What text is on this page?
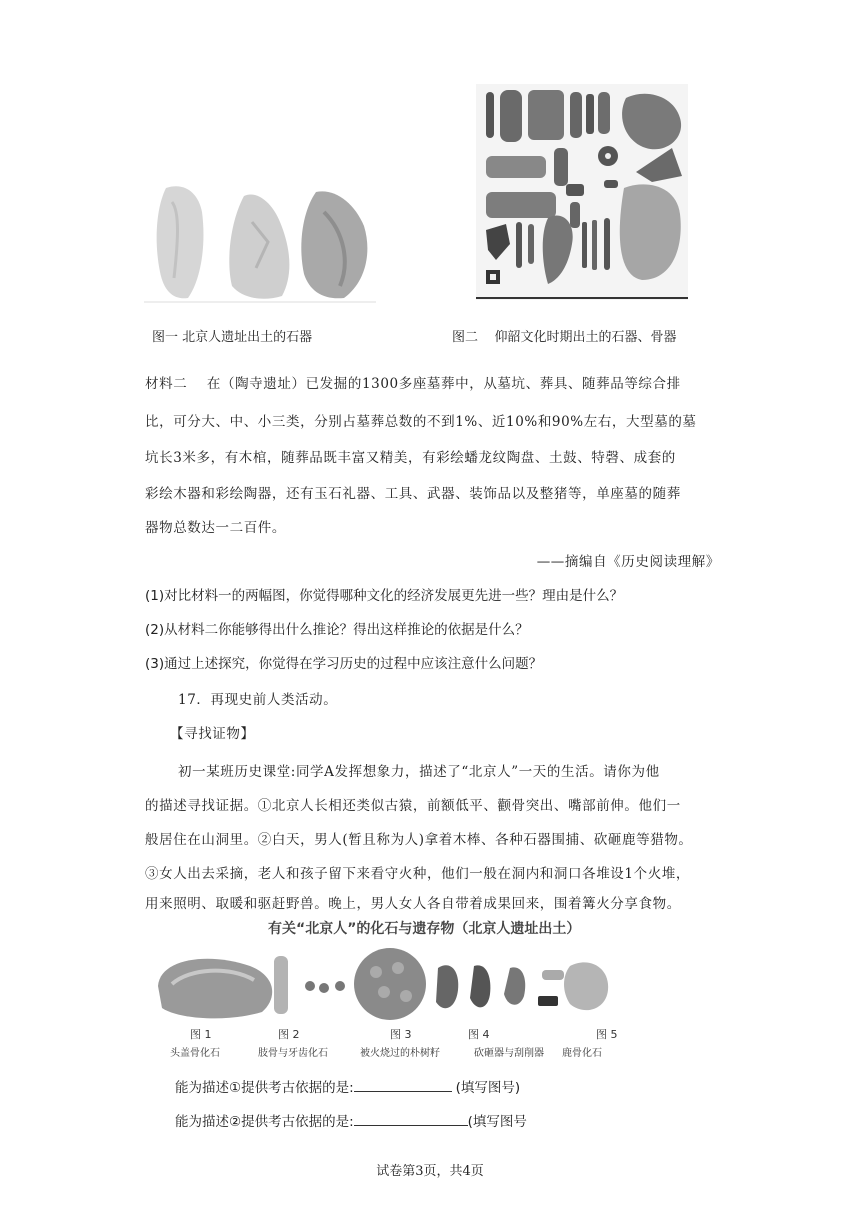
图一 北京人遗址出土的石器	图二    仰韶文化时期出土的石器、骨器
材料二    在（陶寺遗址）已发掘的1300多座墓葬中，从墓坑、葬具、随葬品等综合排
比，可分大、中、小三类，分别占墓葬总数的不到1%、近10%和90%左右，大型墓的墓
坑长3米多，有木棺，随葬品既丰富又精美，有彩绘蟠龙纹陶盘、土鼓、特磬、成套的
彩绘木器和彩绘陶器，还有玉石礼器、工具、武器、装饰品以及整猪等，单座墓的随葬
器物总数达一二百件。
——摘编自《历史阅读理解》
(1)对比材料一的两幅图，你觉得哪种文化的经济发展更先进一些？理由是什么？
(2)从材料二你能够得出什么推论？得出这样推论的依据是什么？
(3)通过上述探究，你觉得在学习历史的过程中应该注意什么问题？
17．再现史前人类活动。
【寻找证物】
初一某班历史课堂:同学A发挥想象力，描述了“北京人”一天的生活。请你为他
的描述寻找证据。①北京人长相还类似古猿，前额低平、颧骨突出、嘴部前伸。他们一
般居住在山洞里。②白天，男人(暂且称为人)拿着木棒、各种石器围捕、砍砸鹿等猎物。
③女人出去采摘，老人和孩子留下来看守火种，他们一般在洞内和洞口各堆设1个火堆，
用来照明、取暖和驱赶野兽。晚上，男人女人各自带着成果回来，围着篝火分享食物。
有关“北京人”的化石与遗存物（北京人遗址出土）
图 1	图 2	图 3	图 4	图 5
头盖骨化石	肢骨与牙齿化石	被火烧过的朴树籽	砍砸器与刮削器 鹿骨化石
能为描述①提供考古依据的是:	(填写图号)
能为描述②提供考古依据的是:	(填写图号
试卷第3页，共4页
